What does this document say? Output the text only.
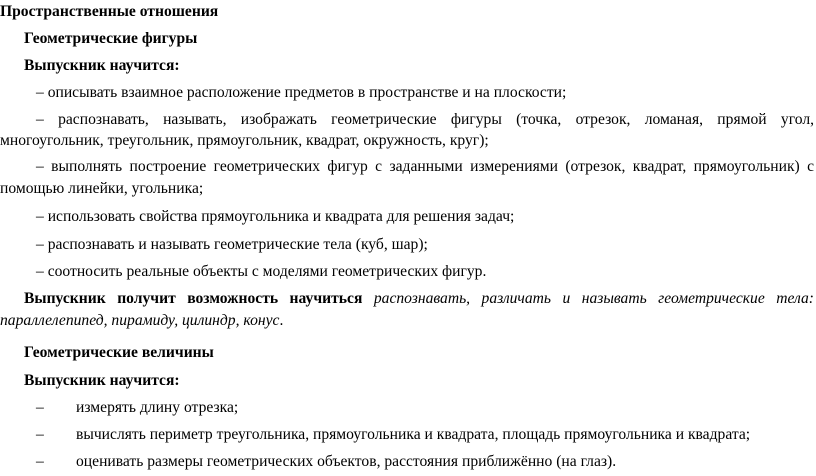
Пространственные отношения
Геометрические фигуры
Выпускник научится:
– описывать взаимное расположение предметов в пространстве и на плоскости;
– распознавать, называть, изображать геометрические фигуры (точка, отрезок, ломаная, прямой угол,
многоугольник, треугольник, прямоугольник, квадрат, окружность, круг);
– выполнять построение геометрических фигур с заданными измерениями (отрезок, квадрат, прямоугольник) с
помощью линейки, угольника;
– использовать свойства прямоугольника и квадрата для решения задач;
– распознавать и называть геометрические тела (куб, шар);
– соотносить реальные объекты с моделями геометрических фигур.
Выпускник получит возможность научиться распознавать, различать и называть геометрические тела:
параллелепипед, пирамиду, цилиндр, конус.
Геометрические величины
Выпускник научится:
– измерять длину отрезка;
– вычислять периметр треугольника, прямоугольника и квадрата, площадь прямоугольника и квадрата;
– оценивать размеры геометрических объектов, расстояния приближённо (на глаз).
